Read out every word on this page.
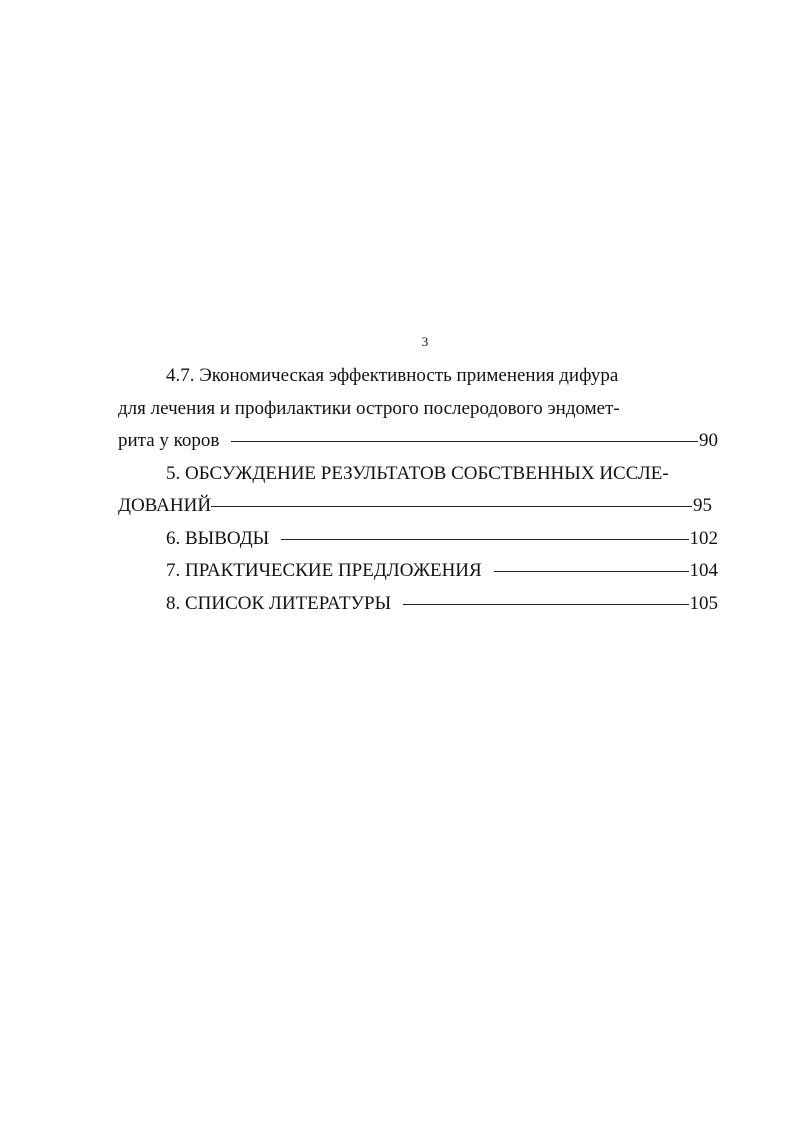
3
4.7. Экономическая эффективность применения дифура
для лечения и профилактики острого послеродового эндомет-
рита у коров	90
5. ОБСУЖДЕНИЕ РЕЗУЛЬТАТОВ СОБСТВЕННЫХ ИССЛЕ-
ДОВАНИЙ	95
6. ВЫВОДЫ	102
7. ПРАКТИЧЕСКИЕ ПРЕДЛОЖЕНИЯ	104
8. СПИСОК ЛИТЕРАТУРЫ	105
